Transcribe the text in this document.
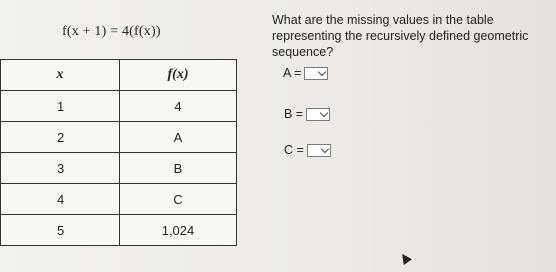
f(x + 1) = 4(f(x))
What are the missing values in the table representing the recursively defined geometric sequence?
x	f(x)
1	4
2	A
3	B
4	C
5	1,024
A =
B =
C =
